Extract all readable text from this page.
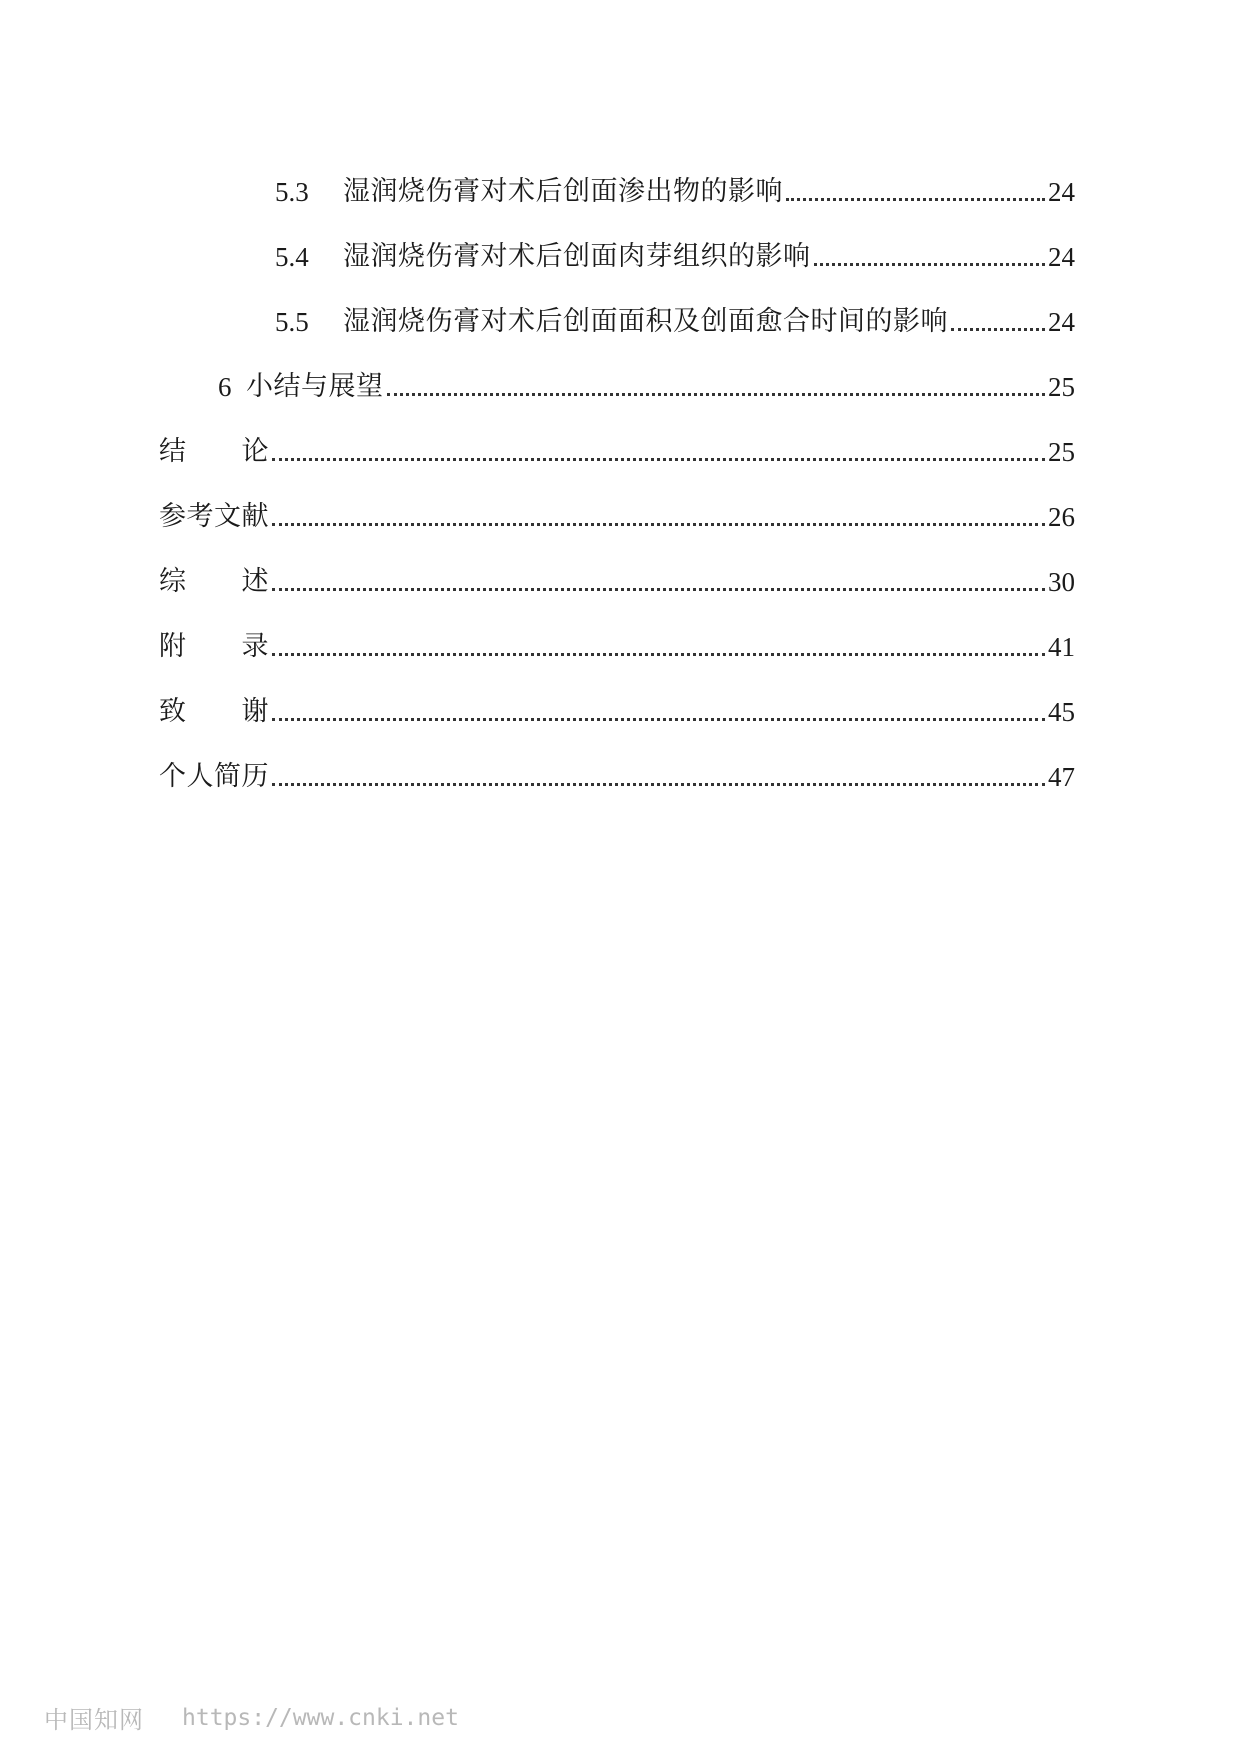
5.3	湿润烧伤膏对术后创面渗出物的影响	24
5.4	湿润烧伤膏对术后创面肉芽组织的影响	24
5.5	湿润烧伤膏对术后创面面积及创面愈合时间的影响	24
6 小结与展望	25
结　　论	25
参考文献	26
综　　述	30
附　　录	41
致　　谢	45
个人简历	47
中国知网 https://www.cnki.net
